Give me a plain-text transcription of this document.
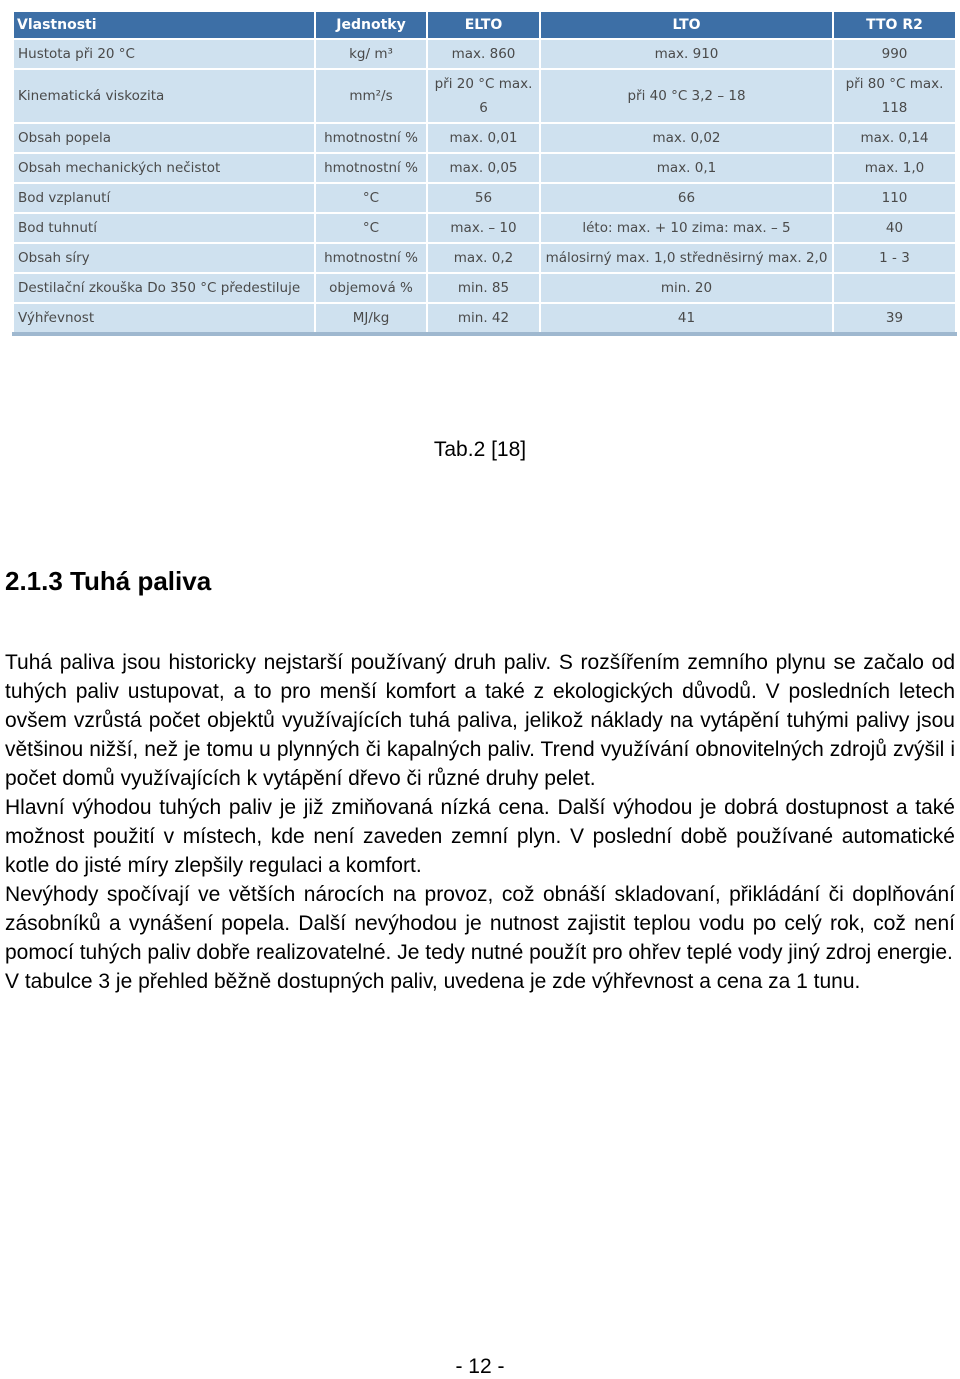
Vlastnosti	Jednotky	ELTO	LTO	TTO R2
Hustota při 20 °C	kg/ m³	max. 860	max. 910	990
Kinematická viskozita	mm²/s	při 20 °C max. 6	při 40 °C 3,2 – 18	při 80 °C max. 118
Obsah popela	hmotnostní %	max. 0,01	max. 0,02	max. 0,14
Obsah mechanických nečistot	hmotnostní %	max. 0,05	max. 0,1	max. 1,0
Bod vzplanutí	°C	56	66	110
Bod tuhnutí	°C	max. – 10	léto: max. + 10 zima: max. – 5	40
Obsah síry	hmotnostní %	max. 0,2	málosirný max. 1,0 střednësirný max. 2,0	1 - 3
Destilační zkouška Do 350 °C předestiluje	objemová %	min. 85	min. 20	
Výhřevnost	MJ/kg	min. 42	41	39
Tab.2 [18]
2.1.3 Tuhá paliva

Tuhá paliva jsou historicky nejstarší používaný druh paliv. S rozšířením zemního plynu se začalo od tuhých paliv ustupovat, a to pro menší komfort a také z ekologických důvodů. V posledních letech ovšem vzrůstá počet objektů využívajících tuhá paliva, jelikož náklady na vytápění tuhými palivy jsou většinou nižší, než je tomu u plynných či kapalných paliv. Trend využívání obnovitelných zdrojů zvýšil i počet domů využívajících k vytápění dřevo či různé druhy pelet.

Hlavní výhodou tuhých paliv je již zmiňovaná nízká cena. Další výhodou je dobrá dostupnost a také možnost použití v místech, kde není zaveden zemní plyn. V poslední době používané automatické kotle do jisté míry zlepšily regulaci a komfort.

Nevýhody spočívají ve větších nárocích na provoz, což obnáší skladovaní, přikládání či doplňování zásobníků a vynášení popela. Další nevýhodou je nutnost zajistit teplou vodu po celý rok, což není pomocí tuhých paliv dobře realizovatelné. Je tedy nutné použít pro ohřev teplé vody jiný zdroj energie.

V tabulce 3 je přehled běžně dostupných paliv, uvedena je zde výhřevnost a cena za 1 tunu.

- 12 -
